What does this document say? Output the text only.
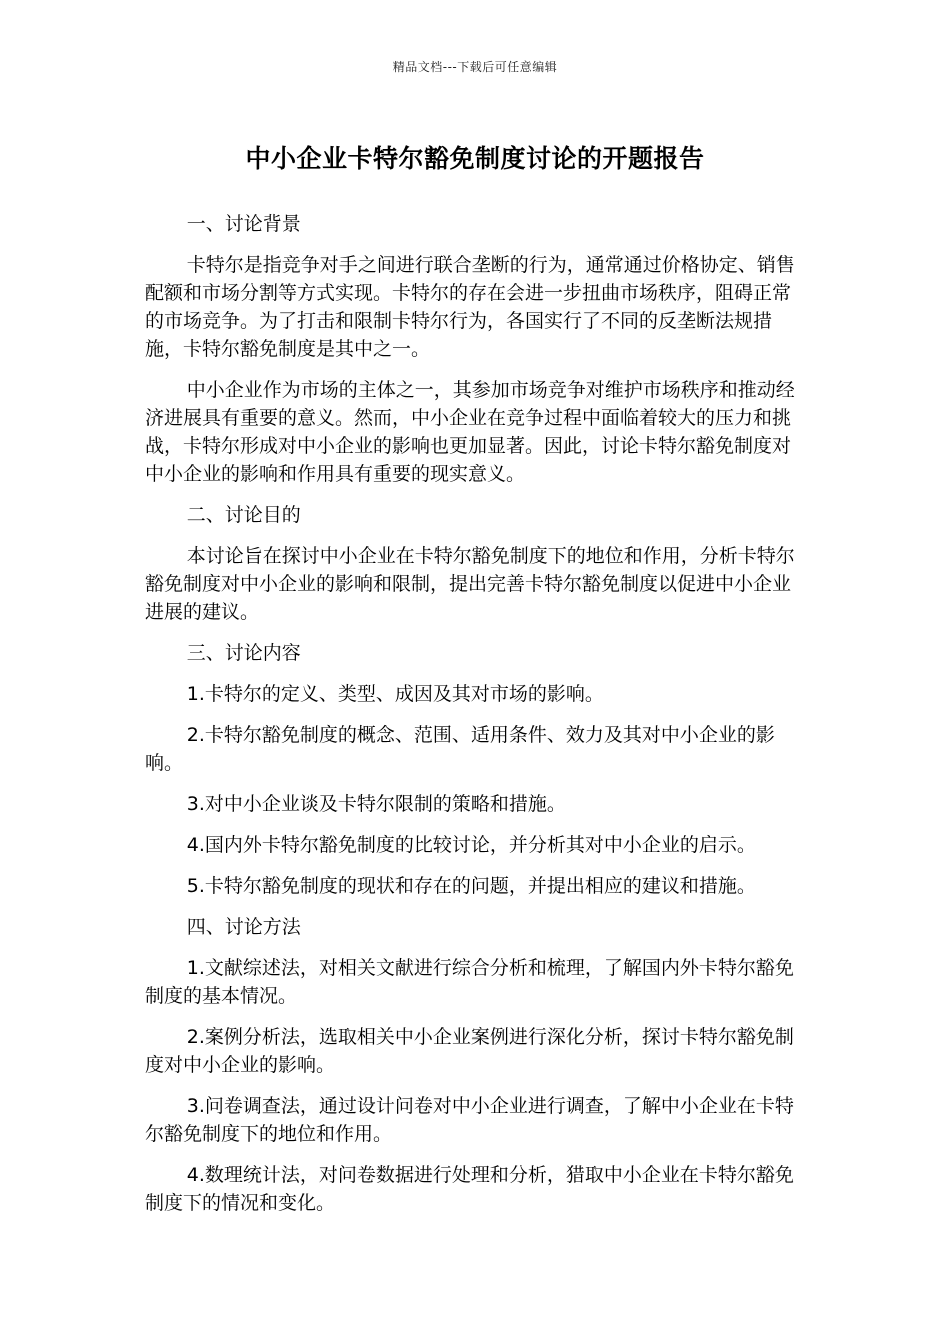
精品文档---下载后可任意编辑
中小企业卡特尔豁免制度讨论的开题报告

一、讨论背景

卡特尔是指竞争对手之间进行联合垄断的行为，通常通过价格协定、销售配额和市场分割等方式实现。卡特尔的存在会进一步扭曲市场秩序，阻碍正常的市场竞争。为了打击和限制卡特尔行为，各国实行了不同的反垄断法规措施，卡特尔豁免制度是其中之一。

中小企业作为市场的主体之一，其参加市场竞争对维护市场秩序和推动经济进展具有重要的意义。然而，中小企业在竞争过程中面临着较大的压力和挑战，卡特尔形成对中小企业的影响也更加显著。因此，讨论卡特尔豁免制度对中小企业的影响和作用具有重要的现实意义。

二、讨论目的

本讨论旨在探讨中小企业在卡特尔豁免制度下的地位和作用，分析卡特尔豁免制度对中小企业的影响和限制，提出完善卡特尔豁免制度以促进中小企业进展的建议。

三、讨论内容

1.卡特尔的定义、类型、成因及其对市场的影响。

2.卡特尔豁免制度的概念、范围、适用条件、效力及其对中小企业的影响。

3.对中小企业谈及卡特尔限制的策略和措施。

4.国内外卡特尔豁免制度的比较讨论，并分析其对中小企业的启示。

5.卡特尔豁免制度的现状和存在的问题，并提出相应的建议和措施。

四、讨论方法

1.文献综述法，对相关文献进行综合分析和梳理，了解国内外卡特尔豁免制度的基本情况。

2.案例分析法，选取相关中小企业案例进行深化分析，探讨卡特尔豁免制度对中小企业的影响。

3.问卷调查法，通过设计问卷对中小企业进行调查，了解中小企业在卡特尔豁免制度下的地位和作用。

4.数理统计法，对问卷数据进行处理和分析，猎取中小企业在卡特尔豁免制度下的情况和变化。
